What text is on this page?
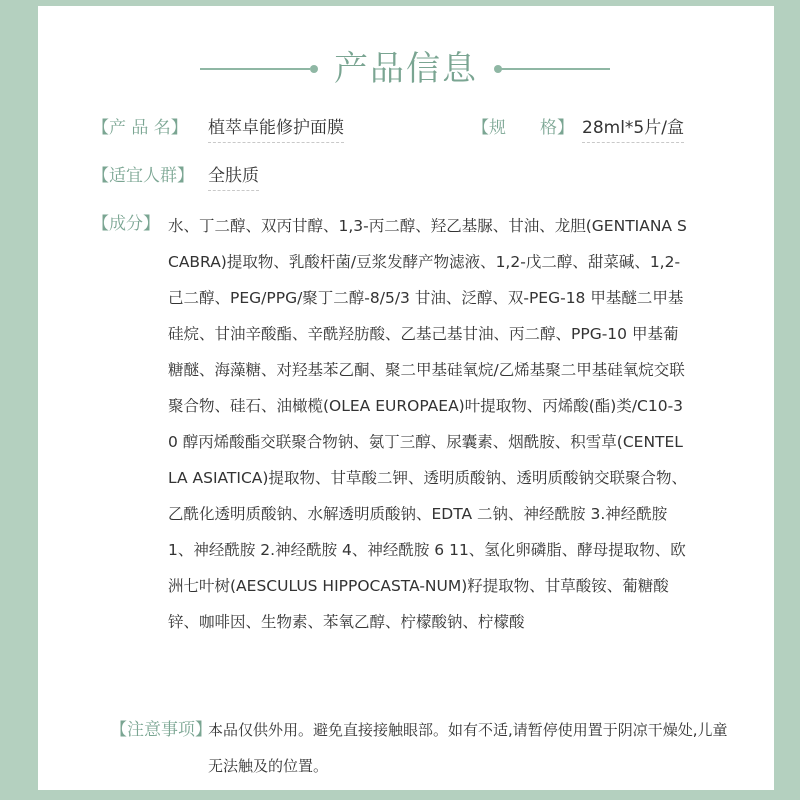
产品信息
【产 品 名】 植萃卓能修护面膜	【规　　格】 28ml*5片/盒
【适宜人群】 全肤质
【成分】 水、丁二醇、双丙甘醇、1,3-丙二醇、羟乙基脲、甘油、龙胆(GENTIANA SCABRA)提取物、乳酸杆菌/豆浆发酵产物滤液、1,2-戊二醇、甜菜碱、1,2-己二醇、PEG/PPG/聚丁二醇-8/5/3 甘油、泛醇、双-PEG-18 甲基醚二甲基硅烷、甘油辛酸酯、辛酰羟肪酸、乙基己基甘油、丙二醇、PPG-10 甲基葡糖醚、海藻糖、对羟基苯乙酮、聚二甲基硅氧烷/乙烯基聚二甲基硅氧烷交联聚合物、硅石、油橄榄(OLEA EUROPAEA)叶提取物、丙烯酸(酯)类/C10-30 醇丙烯酸酯交联聚合物钠、氨丁三醇、尿囊素、烟酰胺、积雪草(CENTELLA ASIATICA)提取物、甘草酸二钾、透明质酸钠、透明质酸钠交联聚合物、乙酰化透明质酸钠、水解透明质酸钠、EDTA 二钠、神经酰胺 3.神经酰胺 1、神经酰胺 2.神经酰胺 4、神经酰胺 6 11、氢化卵磷脂、酵母提取物、欧洲七叶树(AESCULUS HIPPOCASTA-NUM)籽提取物、甘草酸铵、葡糖酸锌、咖啡因、生物素、苯氧乙醇、柠檬酸钠、柠檬酸
【注意事项】
本品仅供外用。避免直接接触眼部。如有不适,请暂停使用置于阴凉干燥处,儿童无法触及的位置。
